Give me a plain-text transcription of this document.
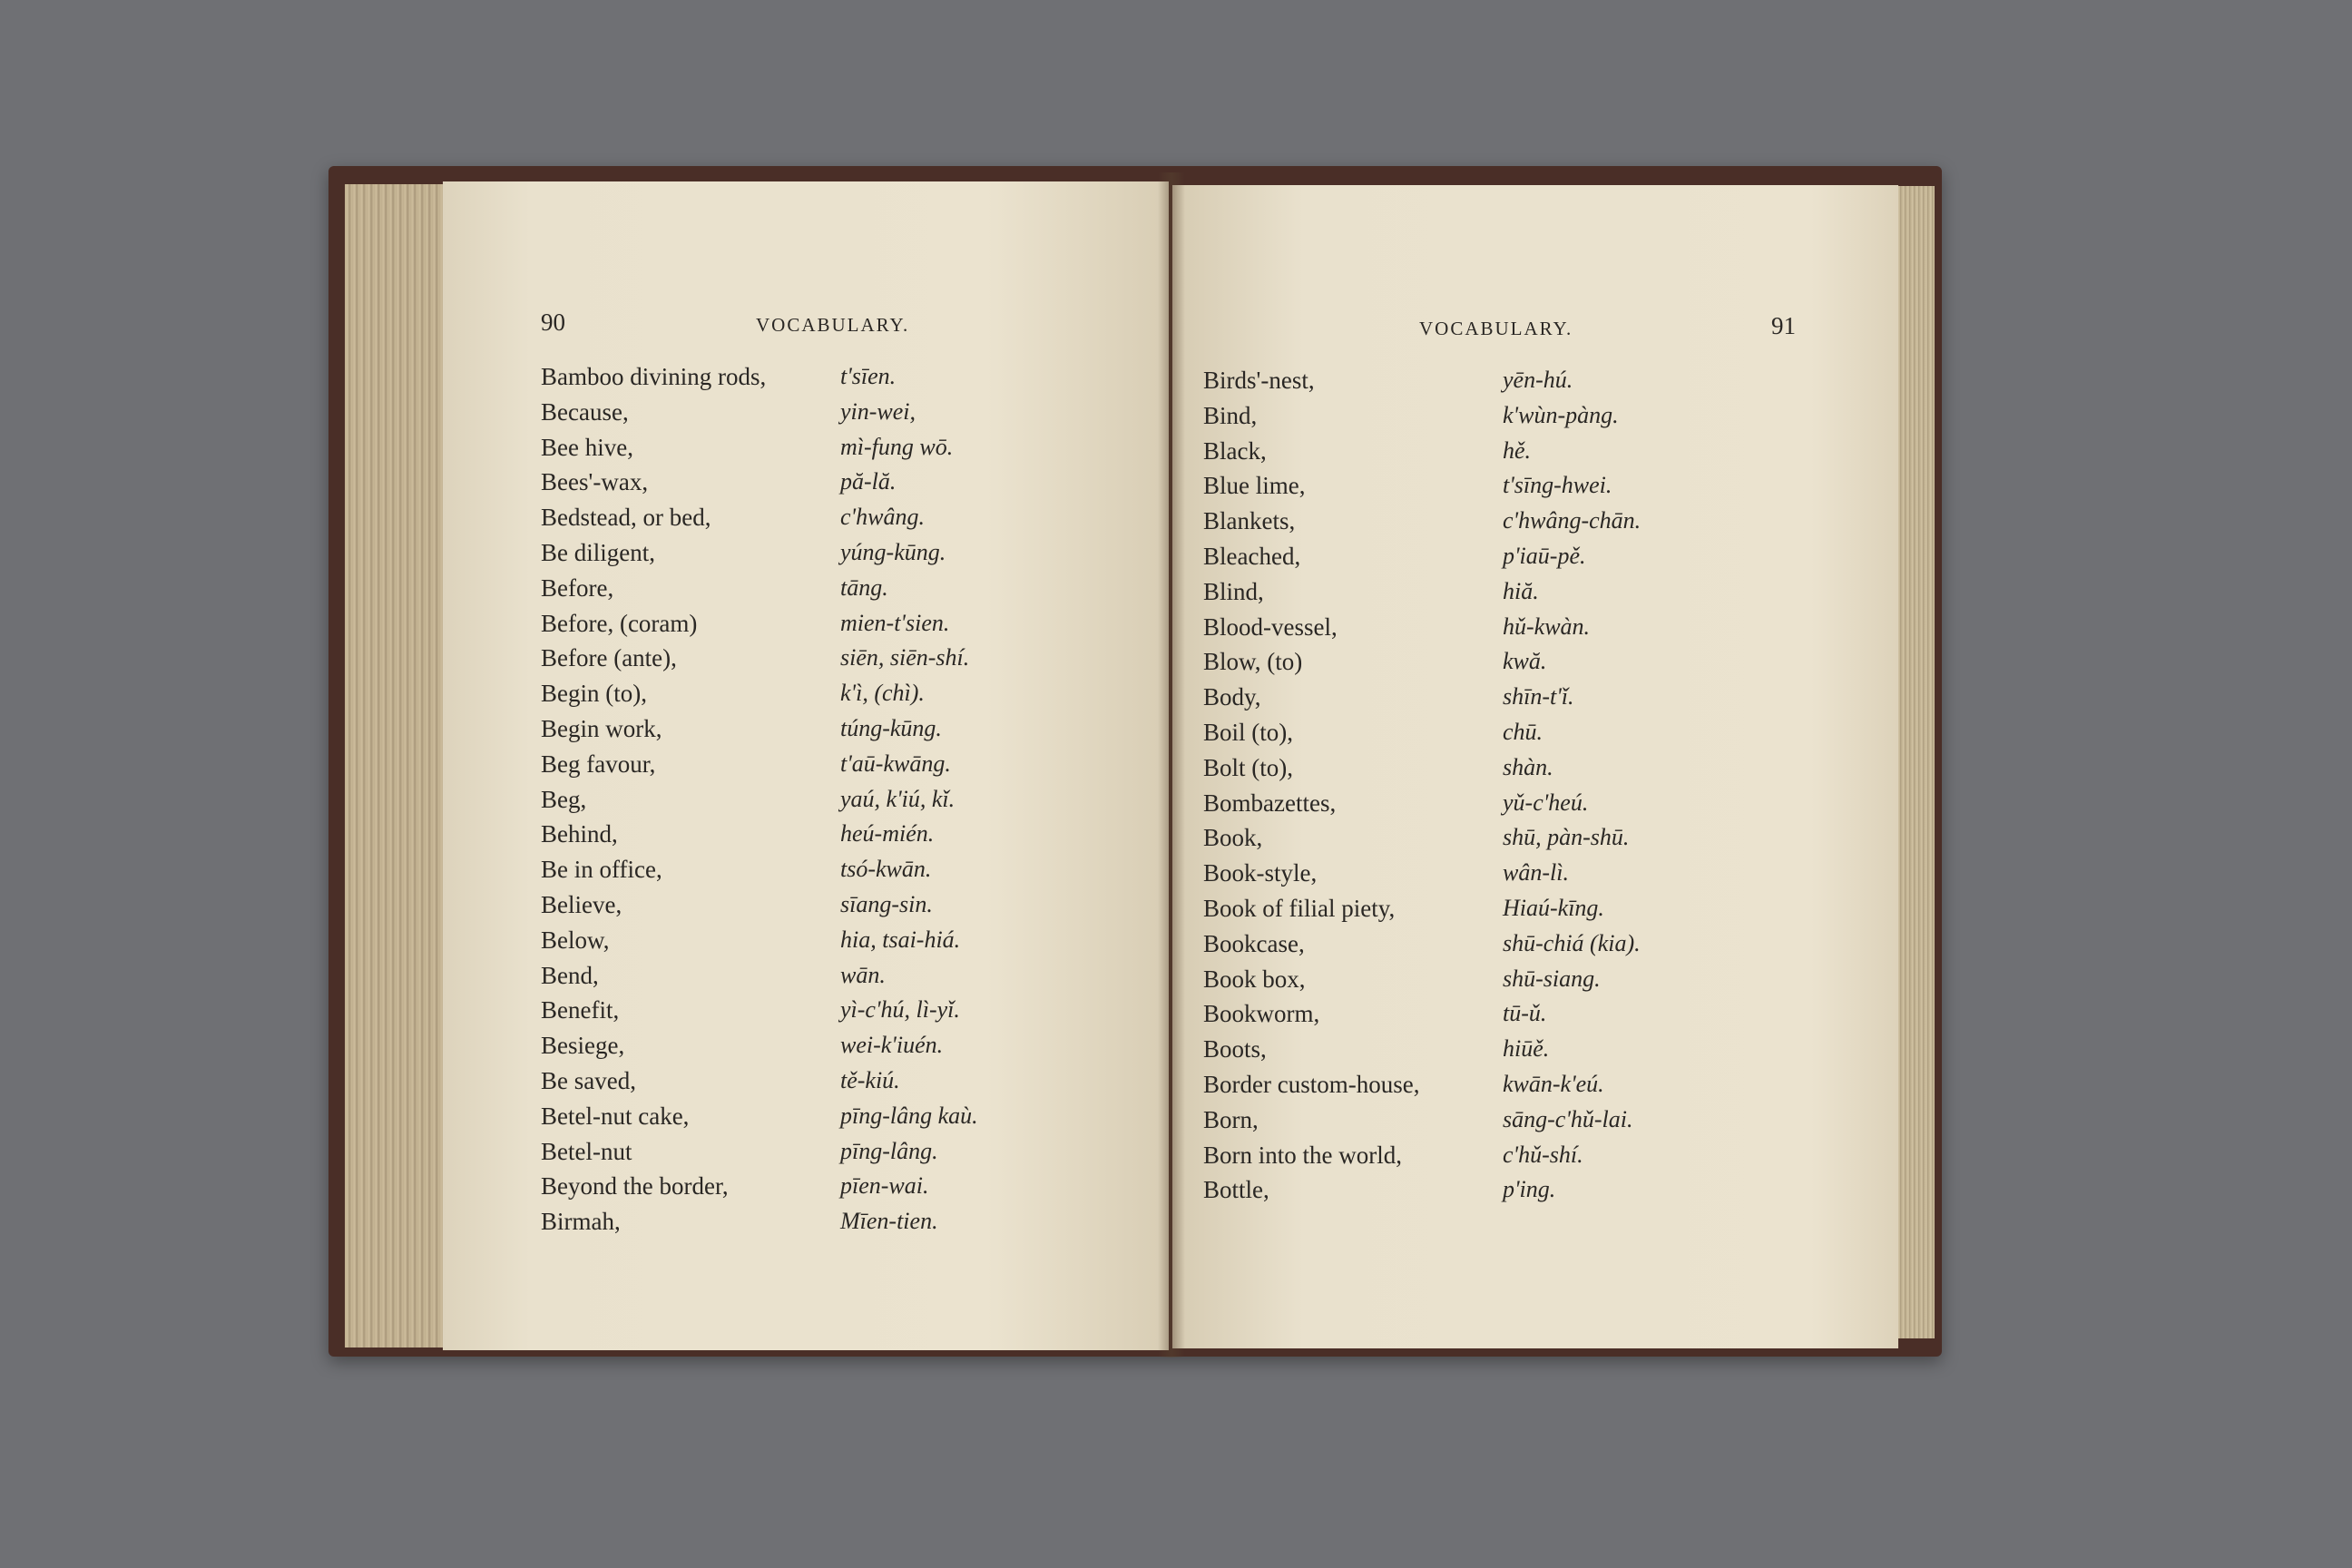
90	VOCABULARY.
Bamboo divining rods,	t'sīen.
Because,	yin-wei,
Bee hive,	mì-fung wō.
Bees'-wax,	pă-lă.
Bedstead, or bed,	c'hwâng.
Be diligent,	yúng-kūng.
Before,	tāng.
Before, (coram)	mien-t'sien.
Before (ante),	siēn, siēn-shí.
Begin (to),	k'ì, (chì).
Begin work,	túng-kūng.
Beg favour,	t'aū-kwāng.
Beg,	yaú, k'iú, kǐ.
Behind,	heú-mién.
Be in office,	tsó-kwān.
Believe,	sīang-sin.
Below,	hia, tsai-hiá.
Bend,	wān.
Benefit,	yì-c'hú, lì-yǐ.
Besiege,	wei-k'iuén.
Be saved,	tě-kiú.
Betel-nut cake,	pīng-lâng kaù.
Betel-nut	pīng-lâng.
Beyond the border,	pīen-wai.
Birmah,	Mīen-tien.
VOCABULARY.	91
Birds'-nest,	yēn-hú.
Bind,	k'wùn-pàng.
Black,	hě.
Blue lime,	t'sīng-hwei.
Blankets,	c'hwâng-chān.
Bleached,	p'iaū-pě.
Blind,	hiă.
Blood-vessel,	hǔ-kwàn.
Blow, (to)	kwă.
Body,	shīn-t'ǐ.
Boil (to),	chū.
Bolt (to),	shàn.
Bombazettes,	yǔ-c'heú.
Book,	shū, pàn-shū.
Book-style,	wân-lì.
Book of filial piety,	Hiaú-kīng.
Bookcase,	shū-chiá (kia).
Book box,	shū-siang.
Bookworm,	tū-ǔ.
Boots,	hiūě.
Border custom-house,	kwān-k'eú.
Born,	sāng-c'hǔ-lai.
Born into the world,	c'hǔ-shí.
Bottle,	p'ing.
